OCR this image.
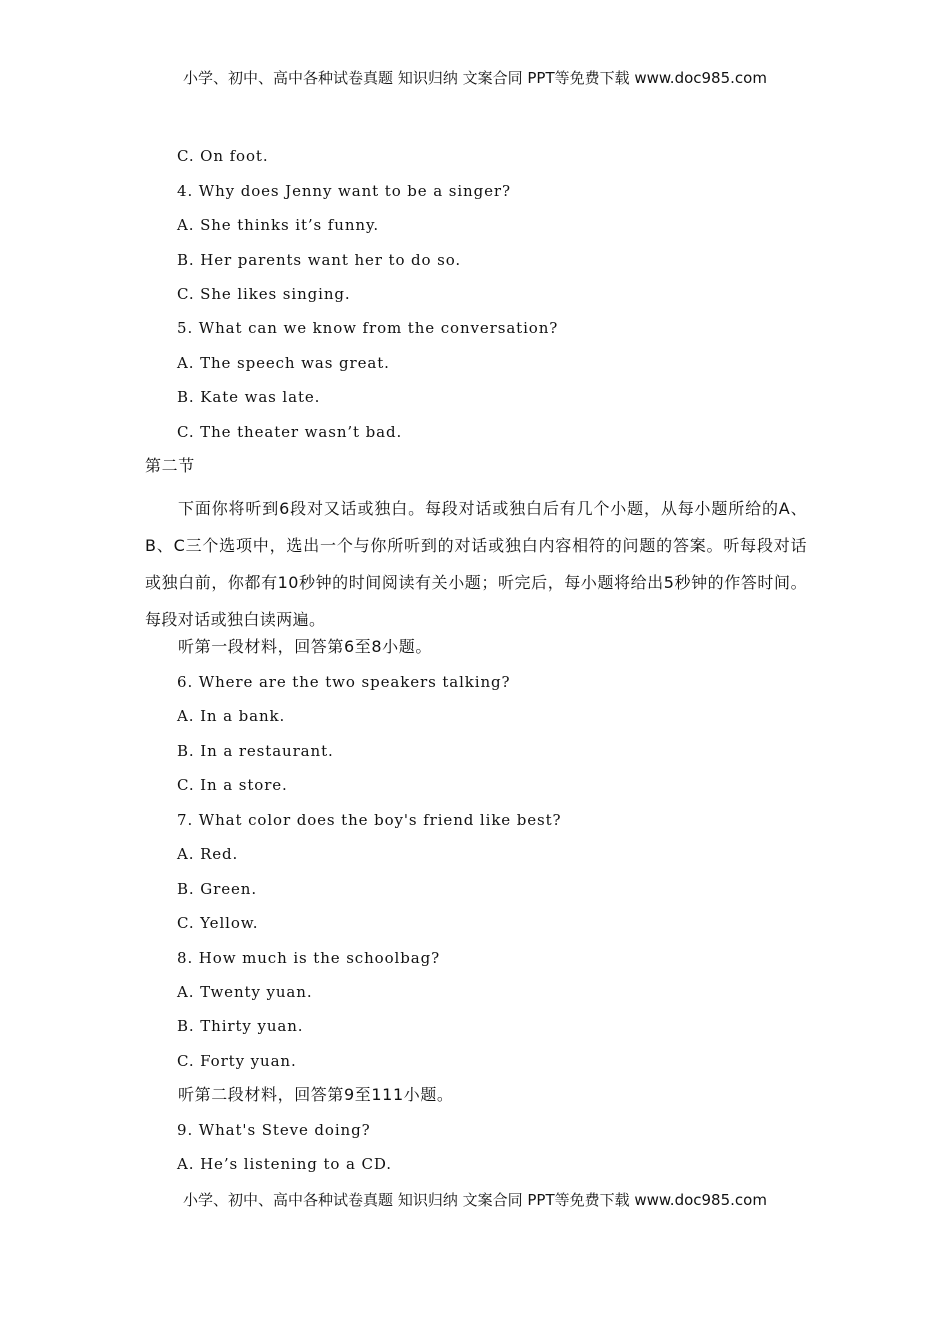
小学、初中、高中各种试卷真题 知识归纳 文案合同 PPT等免费下载 www.doc985.com
C. On foot.
4. Why does Jenny want to be a singer?
A. She thinks it’s funny.
B. Her parents want her to do so.
C. She likes singing.
5. What can we know from the conversation?
A. The speech was great.
B. Kate was late.
C. The theater wasn’t bad.
第二节
下面你将听到6段对又话或独白。每段对话或独白后有几个小题，从每小题所给的A、B、C三个选项中，选出一个与你所听到的对话或独白内容相符的问题的答案。听每段对话或独白前，你都有10秒钟的时间阅读有关小题；听完后，每小题将给出5秒钟的作答时间。每段对话或独白读两遍。
听第一段材料，回答第6至8小题。
6. Where are the two speakers talking?
A. In a bank.
B. In a restaurant.
C. In a store.
7. What color does the boy's friend like best?
A. Red.
B. Green.
C. Yellow.
8. How much is the schoolbag?
A. Twenty yuan.
B. Thirty yuan.
C. Forty yuan.
听第二段材料，回答第9至111小题。
9. What's Steve doing?
A. He’s listening to a CD.
小学、初中、高中各种试卷真题 知识归纳 文案合同 PPT等免费下载 www.doc985.com
